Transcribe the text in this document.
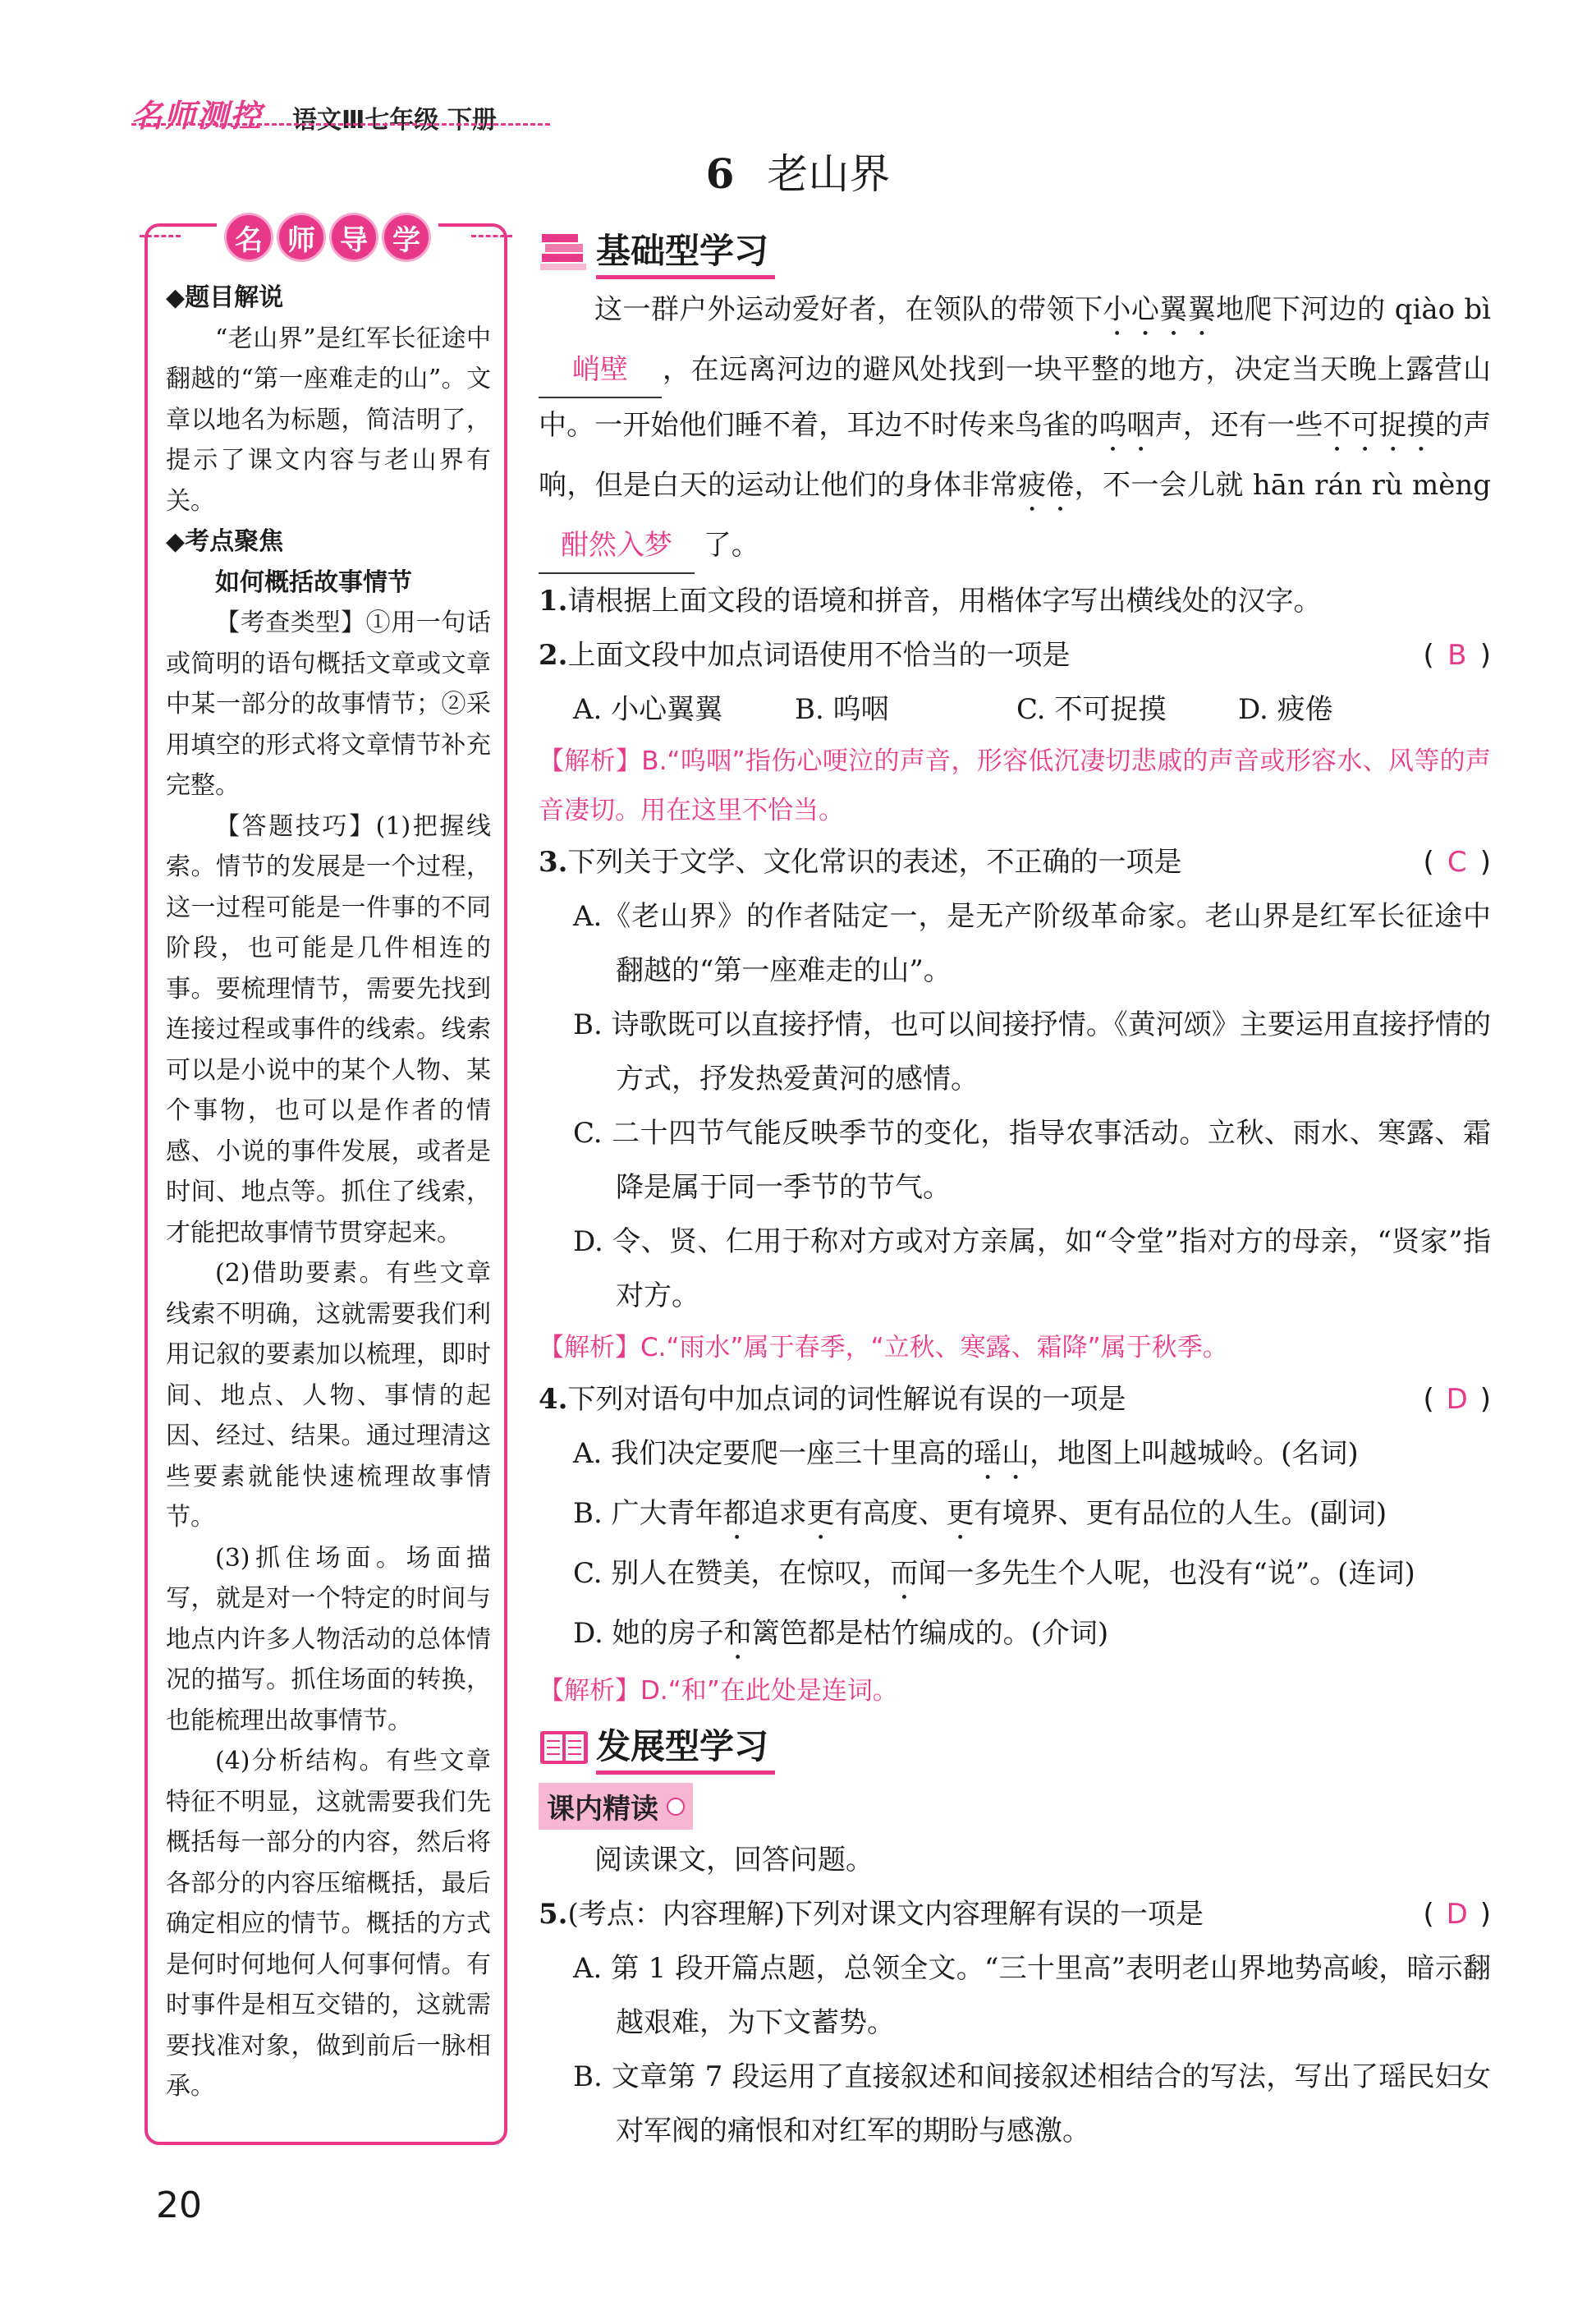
名师测控 语文Ⅲ七年级 下册
6 老山界
名 师 导 学

◆题目解说

“老山界”是红军长征途中翻越的“第一座难走的山”。文章以地名为标题，简洁明了，提示了课文内容与老山界有关。

◆考点聚焦

如何概括故事情节

【考查类型】①用一句话或简明的语句概括文章或文章中某一部分的故事情节；②采用填空的形式将文章情节补充完整。

【答题技巧】(1)把握线索。情节的发展是一个过程，这一过程可能是一件事的不同阶段，也可能是几件相连的事。要梳理情节，需要先找到连接过程或事件的线索。线索可以是小说中的某个人物、某个事物，也可以是作者的情感、小说的事件发展，或者是时间、地点等。抓住了线索，才能把故事情节贯穿起来。

(2)借助要素。有些文章线索不明确，这就需要我们利用记叙的要素加以梳理，即时间、地点、人物、事情的起因、经过、结果。通过理清这些要素就能快速梳理故事情节。

(3)抓住场面。场面描写，就是对一个特定的时间与地点内许多人物活动的总体情况的描写。抓住场面的转换，也能梳理出故事情节。

(4)分析结构。有些文章特征不明显，这就需要我们先概括每一部分的内容，然后将各部分的内容压缩概括，最后确定相应的情节。概括的方式是何时何地何人何事何情。有时事件是相互交错的，这就需要找准对象，做到前后一脉相承。

基础型学习
这一群户外运动爱好者，在领队的带领下小心翼翼地爬下河边的 qiào bì 峭壁 ，在远离河边的避风处找到一块平整的地方，决定当天晚上露营山中。一开始他们睡不着，耳边不时传来鸟雀的呜咽声，还有一些不可捉摸的声响，但是白天的运动让他们的身体非常疲倦，不一会儿就 hān rán rù mèng 酣然入梦 了。
1.请根据上面文段的语境和拼音，用楷体字写出横线处的汉字。
2.上面文段中加点词语使用不恰当的一项是	( B )
A. 小心翼翼	B. 呜咽	C. 不可捉摸	D. 疲倦
【解析】B.“呜咽”指伤心哽泣的声音，形容低沉凄切悲戚的声音或形容水、风等的声音凄切。用在这里不恰当。
3.下列关于文学、文化常识的表述，不正确的一项是	( C )
A.《老山界》的作者陆定一，是无产阶级革命家。老山界是红军长征途中翻越的“第一座难走的山”。
B. 诗歌既可以直接抒情，也可以间接抒情。《黄河颂》主要运用直接抒情的方式，抒发热爱黄河的感情。
C. 二十四节气能反映季节的变化，指导农事活动。立秋、雨水、寒露、霜降是属于同一季节的节气。
D. 令、贤、仁用于称对方或对方亲属，如“令堂”指对方的母亲，“贤家”指对方。
【解析】C.“雨水”属于春季，“立秋、寒露、霜降”属于秋季。
4.下列对语句中加点词的词性解说有误的一项是	( D )
A. 我们决定要爬一座三十里高的瑶山，地图上叫越城岭。(名词)
B. 广大青年都追求更有高度、更有境界、更有品位的人生。(副词)
C. 别人在赞美，在惊叹，而闻一多先生个人呢，也没有“说”。(连词)
D. 她的房子和篱笆都是枯竹编成的。(介词)
【解析】D.“和”在此处是连词。
发展型学习
课内精读
阅读课文，回答问题。
5.(考点：内容理解)下列对课文内容理解有误的一项是	( D )
A. 第 1 段开篇点题，总领全文。“三十里高”表明老山界地势高峻，暗示翻越艰难，为下文蓄势。
B. 文章第 7 段运用了直接叙述和间接叙述相结合的写法，写出了瑶民妇女对军阀的痛恨和对红军的期盼与感激。
20
